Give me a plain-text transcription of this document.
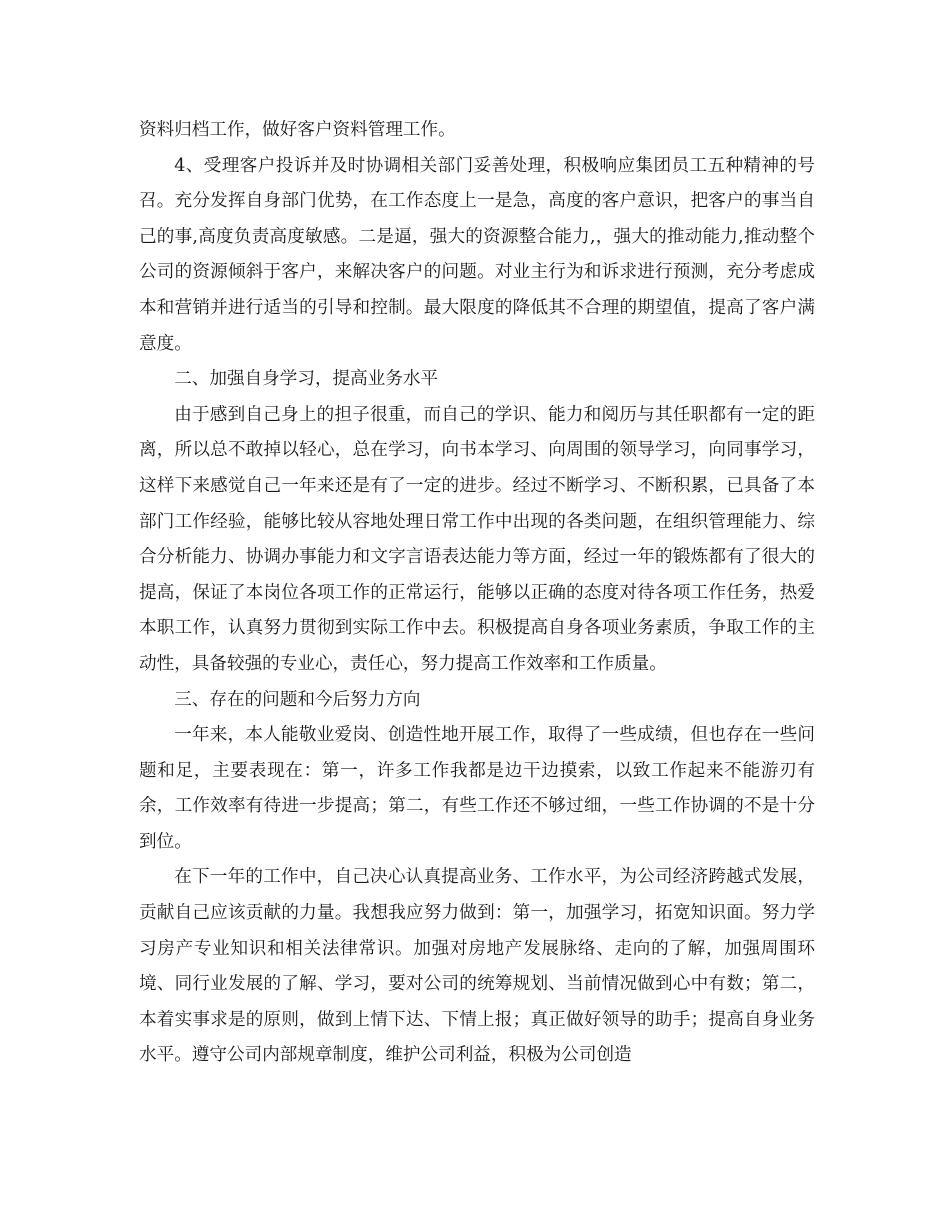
资料归档工作，做好客户资料管理工作。

4、受理客户投诉并及时协调相关部门妥善处理，积极响应集团员工五种精神的号召。充分发挥自身部门优势，在工作态度上一是急，高度的客户意识，把客户的事当自己的事,高度负责高度敏感。二是逼，强大的资源整合能力,，强大的推动能力,推动整个公司的资源倾斜于客户，来解决客户的问题。对业主行为和诉求进行预测，充分考虑成本和营销并进行适当的引导和控制。最大限度的降低其不合理的期望值，提高了客户满意度。

二、加强自身学习，提高业务水平

由于感到自己身上的担子很重，而自己的学识、能力和阅历与其任职都有一定的距离，所以总不敢掉以轻心，总在学习，向书本学习、向周围的领导学习，向同事学习，这样下来感觉自己一年来还是有了一定的进步。经过不断学习、不断积累，已具备了本部门工作经验，能够比较从容地处理日常工作中出现的各类问题，在组织管理能力、综合分析能力、协调办事能力和文字言语表达能力等方面，经过一年的锻炼都有了很大的提高，保证了本岗位各项工作的正常运行，能够以正确的态度对待各项工作任务，热爱本职工作，认真努力贯彻到实际工作中去。积极提高自身各项业务素质，争取工作的主动性，具备较强的专业心，责任心，努力提高工作效率和工作质量。

三、存在的问题和今后努力方向

一年来，本人能敬业爱岗、创造性地开展工作，取得了一些成绩，但也存在一些问题和足，主要表现在：第一，许多工作我都是边干边摸索，以致工作起来不能游刃有余，工作效率有待进一步提高；第二，有些工作还不够过细，一些工作协调的不是十分到位。

在下一年的工作中，自己决心认真提高业务、工作水平，为公司经济跨越式发展，贡献自己应该贡献的力量。我想我应努力做到：第一，加强学习，拓宽知识面。努力学习房产专业知识和相关法律常识。加强对房地产发展脉络、走向的了解，加强周围环境、同行业发展的了解、学习，要对公司的统筹规划、当前情况做到心中有数；第二，本着实事求是的原则，做到上情下达、下情上报；真正做好领导的助手；提高自身业务水平。遵守公司内部规章制度，维护公司利益，积极为公司创造
